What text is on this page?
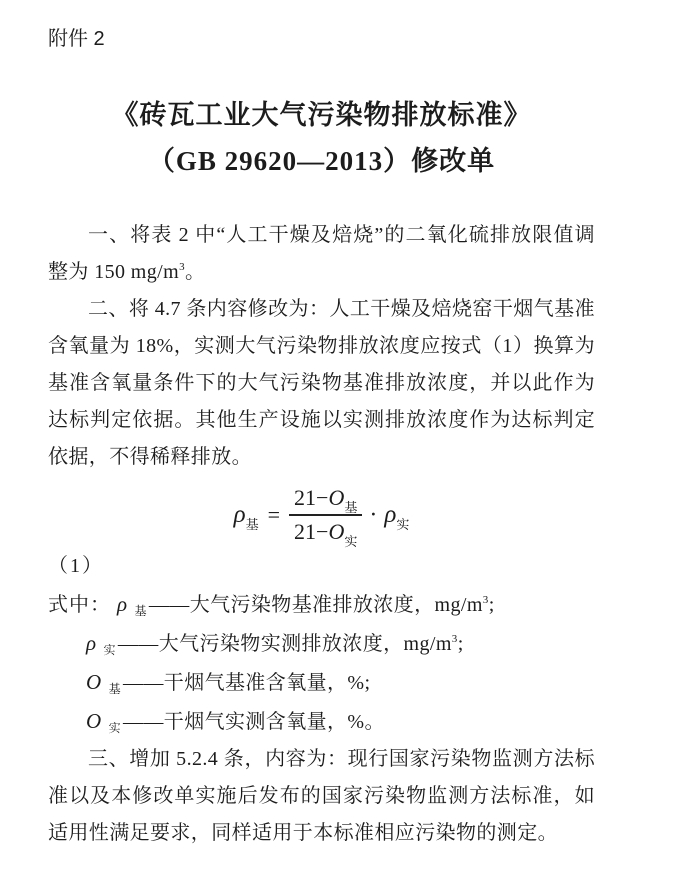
附件 2
《砖瓦工业大气污染物排放标准》
（GB 29620—2013）修改单

一、将表 2 中“人工干燥及焙烧”的二氧化硫排放限值调整为 150 $mg/m^3$。

二、将 4.7 条内容修改为：人工干燥及焙烧窑干烟气基准含氧量为 18%，实测大气污染物排放浓度应按式（1）换算为基准含氧量条件下的大气污染物基准排放浓度，并以此作为达标判定依据。其他生产设施以实测排放浓度作为达标判定依据，不得稀释排放。

$\rho_基 = \frac{21-O_基}{21-O_实} \cdot \rho_实$

（1）

式中： ρ $_基$ ——大气污染物基准排放浓度，$mg/m^3$;
ρ $_实$ ——大气污染物实测排放浓度，$mg/m^3$;
O $_基$ ——干烟气基准含氧量，%;
O $_实$ ——干烟气实测含氧量，%。

三、增加 5.2.4 条，内容为：现行国家污染物监测方法标准以及本修改单实施后发布的国家污染物监测方法标准，如适用性满足要求，同样适用于本标准相应污染物的测定。
